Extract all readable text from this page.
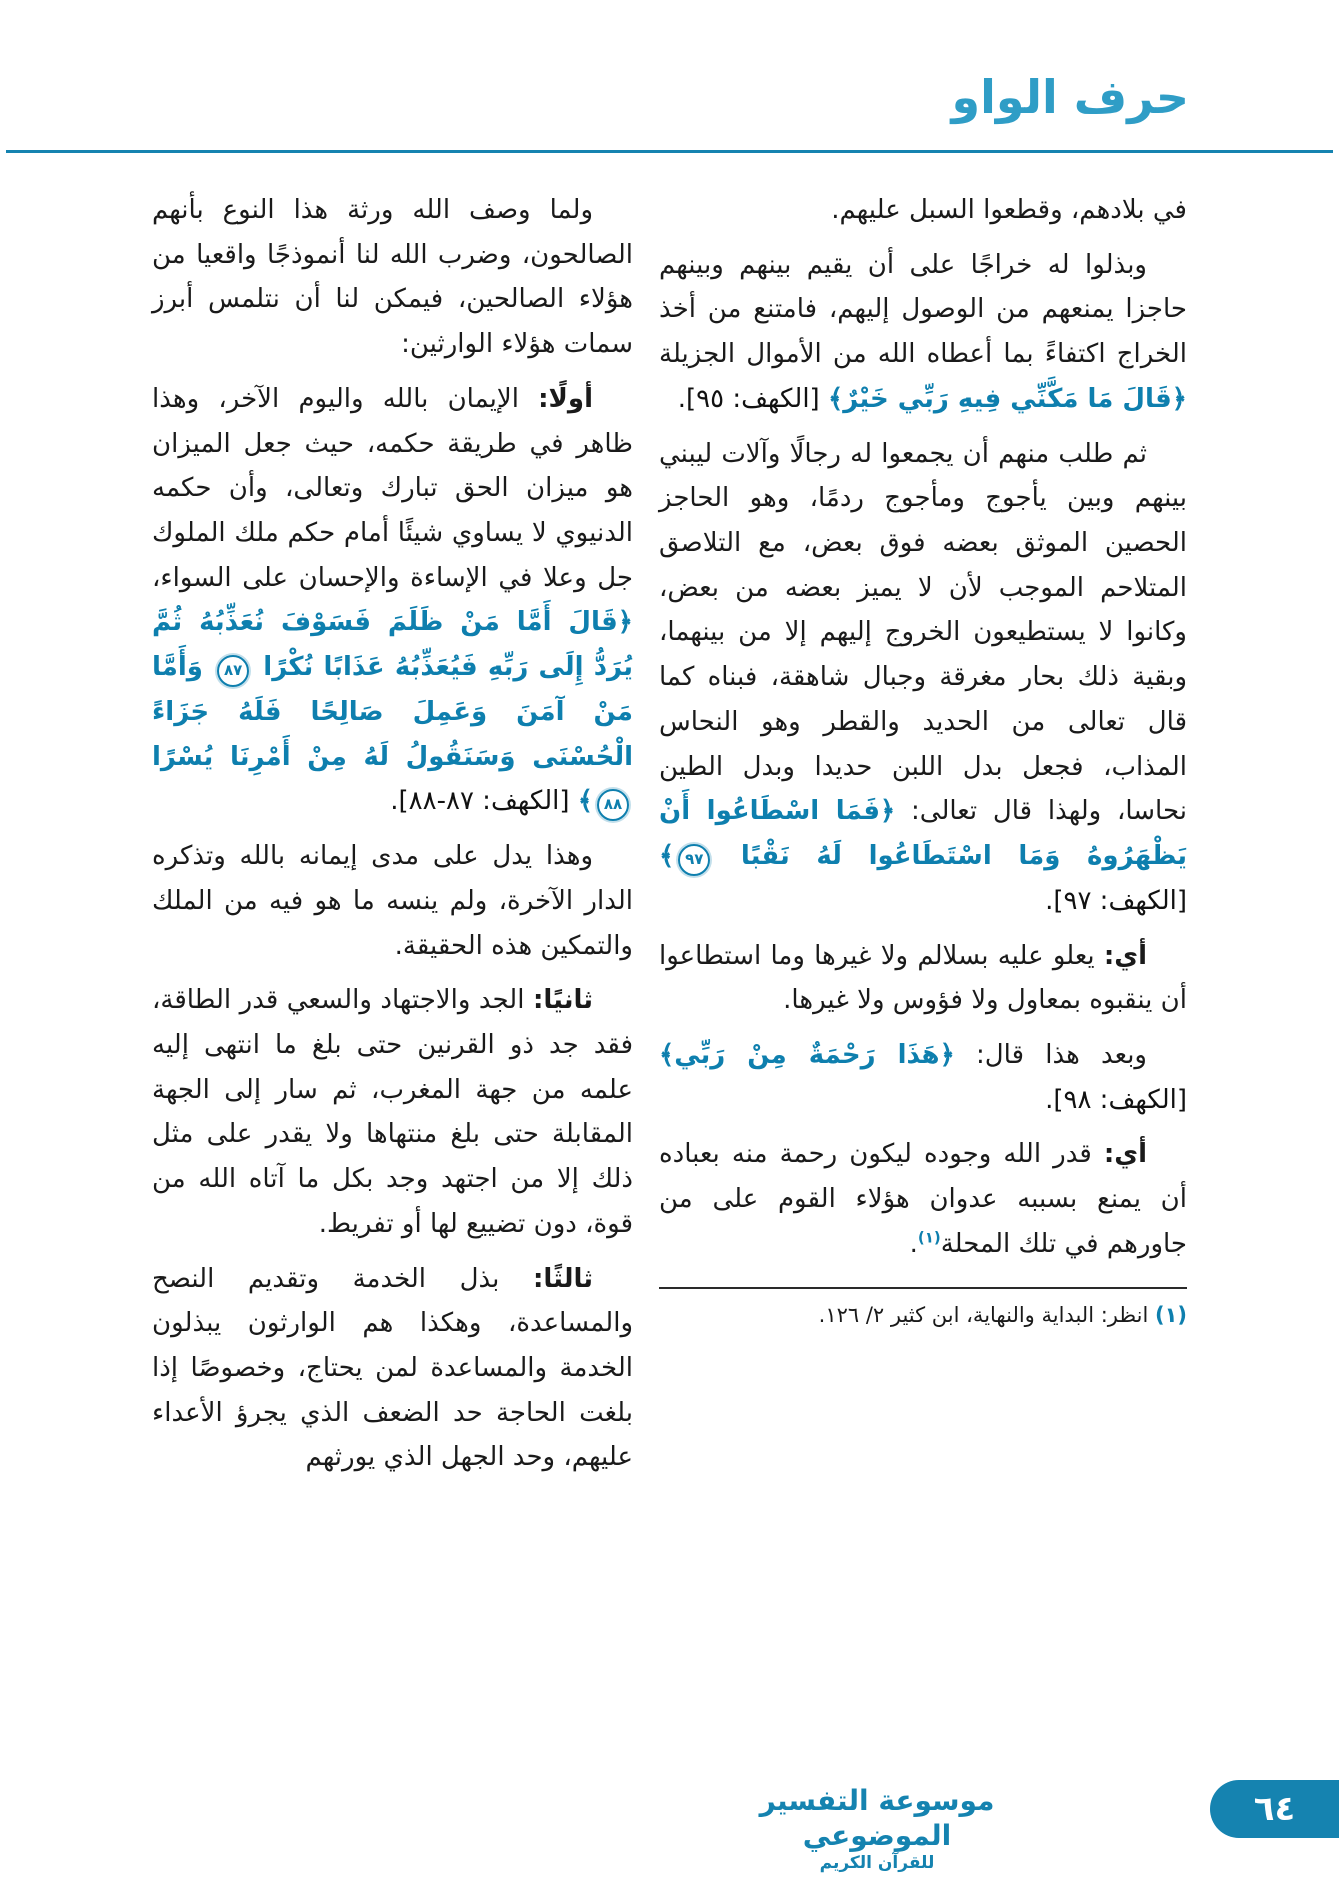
حرف الواو

في بلادهم، وقطعوا السبل عليهم.

وبذلوا له خراجًا على أن يقيم بينهم وبينهم حاجزا يمنعهم من الوصول إليهم، فامتنع من أخذ الخراج اكتفاءً بما أعطاه الله من الأموال الجزيلة ﴿قَالَ مَا مَكَّنِّي فِيهِ رَبِّي خَيْرٌ﴾ [الكهف: ٩٥].

ثم طلب منهم أن يجمعوا له رجالًا وآلات ليبني بينهم وبين يأجوج ومأجوج ردمًا، وهو الحاجز الحصين الموثق بعضه فوق بعض، مع التلاصق المتلاحم الموجب لأن لا يميز بعضه من بعض، وكانوا لا يستطيعون الخروج إليهم إلا من بينهما، وبقية ذلك بحار مغرقة وجبال شاهقة، فبناه كما قال تعالى من الحديد والقطر وهو النحاس المذاب، فجعل بدل اللبن حديدا وبدل الطين نحاسا، ولهذا قال تعالى: ﴿فَمَا اسْطَاعُوا أَنْ يَظْهَرُوهُ وَمَا اسْتَطَاعُوا لَهُ نَقْبًا ٩٧﴾ [الكهف: ٩٧].

أي: يعلو عليه بسلالم ولا غيرها وما استطاعوا أن ينقبوه بمعاول ولا فؤوس ولا غيرها.

وبعد هذا قال: ﴿هَذَا رَحْمَةٌ مِنْ رَبِّي﴾ [الكهف: ٩٨].

أي: قدر الله وجوده ليكون رحمة منه بعباده أن يمنع بسببه عدوان هؤلاء القوم على من جاورهم في تلك المحلة$^{(١)}$.

(١) انظر: البداية والنهاية، ابن كثير ٢/ ١٢٦.

ولما وصف الله ورثة هذا النوع بأنهم الصالحون، وضرب الله لنا أنموذجًا واقعيا من هؤلاء الصالحين، فيمكن لنا أن نتلمس أبرز سمات هؤلاء الوارثين:

أولًا: الإيمان بالله واليوم الآخر، وهذا ظاهر في طريقة حكمه، حيث جعل الميزان هو ميزان الحق تبارك وتعالى، وأن حكمه الدنيوي لا يساوي شيئًا أمام حكم ملك الملوك جل وعلا في الإساءة والإحسان على السواء، ﴿قَالَ أَمَّا مَنْ ظَلَمَ فَسَوْفَ نُعَذِّبُهُ ثُمَّ يُرَدُّ إِلَى رَبِّهِ فَيُعَذِّبُهُ عَذَابًا نُكْرًا ٨٧ وَأَمَّا مَنْ آمَنَ وَعَمِلَ صَالِحًا فَلَهُ جَزَاءً الْحُسْنَى وَسَنَقُولُ لَهُ مِنْ أَمْرِنَا يُسْرًا ٨٨﴾ [الكهف: ٨٧-٨٨].

وهذا يدل على مدى إيمانه بالله وتذكره الدار الآخرة، ولم ينسه ما هو فيه من الملك والتمكين هذه الحقيقة.

ثانيًا: الجد والاجتهاد والسعي قدر الطاقة، فقد جد ذو القرنين حتى بلغ ما انتهى إليه علمه من جهة المغرب، ثم سار إلى الجهة المقابلة حتى بلغ منتهاها ولا يقدر على مثل ذلك إلا من اجتهد وجد بكل ما آتاه الله من قوة، دون تضييع لها أو تفريط.

ثالثًا: بذل الخدمة وتقديم النصح والمساعدة، وهكذا هم الوارثون يبذلون الخدمة والمساعدة لمن يحتاج، وخصوصًا إذا بلغت الحاجة حد الضعف الذي يجرؤ الأعداء عليهم، وحد الجهل الذي يورثهم

موسوعة التفسير الموضوعي
للقرآن الكريم
٦٤
